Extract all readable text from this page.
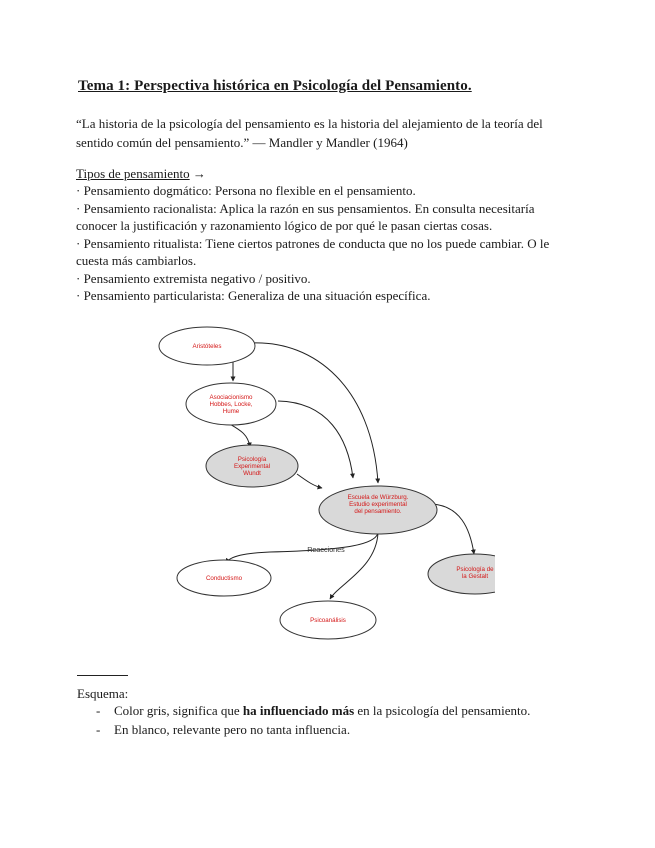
Tema 1: Perspectiva histórica en Psicología del Pensamiento.
“La historia de la psicología del pensamiento es la historia del alejamiento de la teoría del sentido común del pensamiento.” — Mandler y Mandler (1964)
Tipos de pensamiento →

· Pensamiento dogmático: Persona no flexible en el pensamiento.

· Pensamiento racionalista: Aplica la razón en sus pensamientos. En consulta necesitaría conocer la justificación y razonamiento lógico de por qué le pasan ciertas cosas.

· Pensamiento ritualista: Tiene ciertos patrones de conducta que no los puede cambiar. O le cuesta más cambiarlos.

· Pensamiento extremista negativo / positivo.

· Pensamiento particularista: Generaliza de una situación específica.

Aristóteles
Asociacionismo
Hobbes, Locke,
Hume
Psicología
Experimental
Wundt
Escuela de Würzburg.
Estudio experimental
del pensamiento.
Reacciones
Conductismo
Psicoanálisis
Psicología de
la Gestalt
Esquema:
-	Color gris, significa que ha influenciado más en la psicología del pensamiento.
-	En blanco, relevante pero no tanta influencia.
